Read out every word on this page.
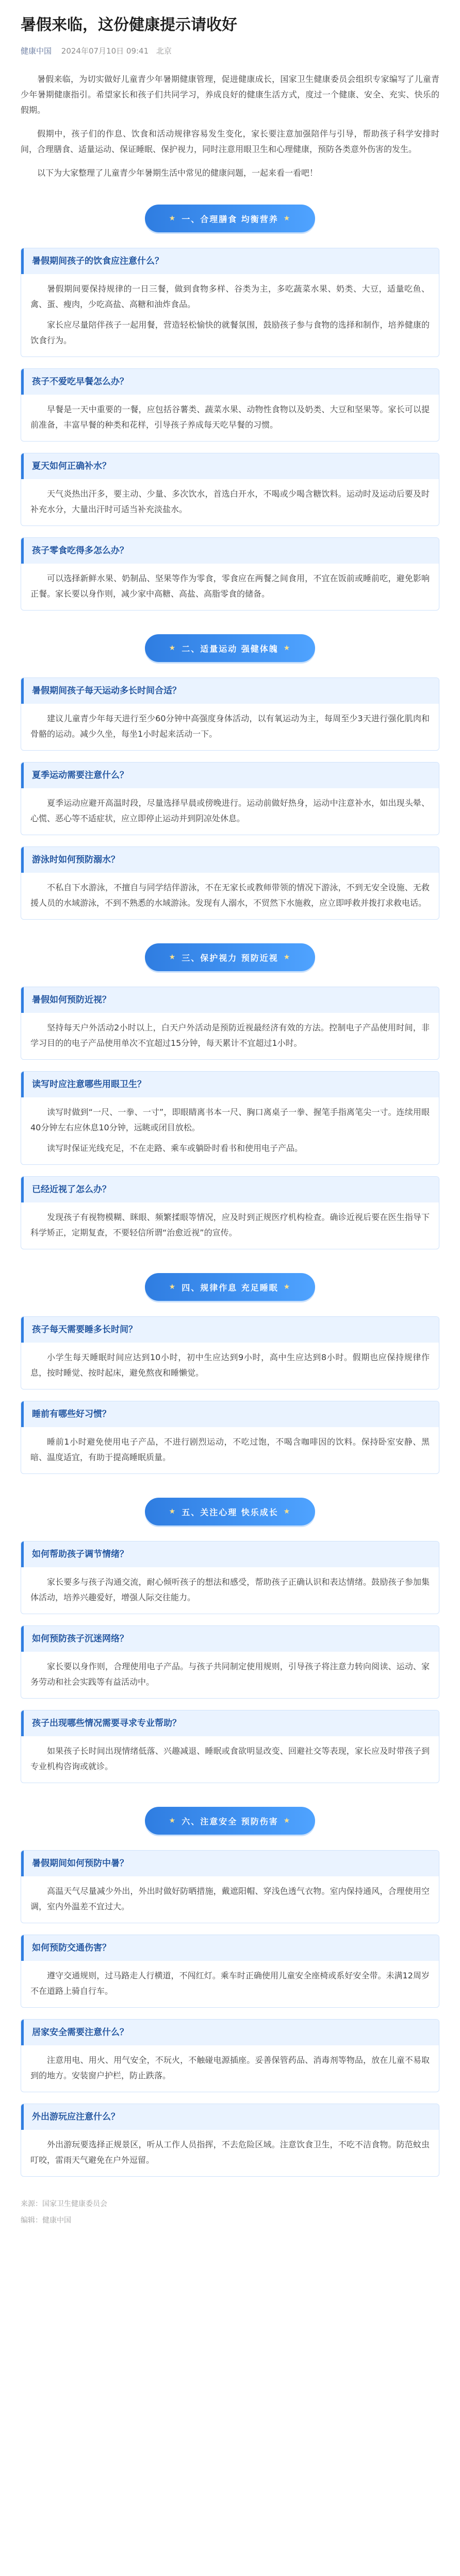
暑假来临，这份健康提示请收好
健康中国 2024年07月10日 09:41 北京

暑假来临，为切实做好儿童青少年暑期健康管理，促进健康成长，国家卫生健康委员会组织专家编写了儿童青少年暑期健康指引。希望家长和孩子们共同学习，养成良好的健康生活方式，度过一个健康、安全、充实、快乐的假期。

假期中，孩子们的作息、饮食和活动规律容易发生变化，家长要注意加强陪伴与引导，帮助孩子科学安排时间，合理膳食、适量运动、保证睡眠、保护视力，同时注意用眼卫生和心理健康，预防各类意外伤害的发生。

以下为大家整理了儿童青少年暑期生活中常见的健康问题，一起来看一看吧！

★ 一、合理膳食 均衡营养 ★
暑假期间孩子的饮食应注意什么？

暑假期间要保持规律的一日三餐，做到食物多样、谷类为主，多吃蔬菜水果、奶类、大豆，适量吃鱼、禽、蛋、瘦肉，少吃高盐、高糖和油炸食品。

家长应尽量陪伴孩子一起用餐，营造轻松愉快的就餐氛围，鼓励孩子参与食物的选择和制作，培养健康的饮食行为。

孩子不爱吃早餐怎么办？

早餐是一天中重要的一餐，应包括谷薯类、蔬菜水果、动物性食物以及奶类、大豆和坚果等。家长可以提前准备，丰富早餐的种类和花样，引导孩子养成每天吃早餐的习惯。

夏天如何正确补水？

天气炎热出汗多，要主动、少量、多次饮水，首选白开水，不喝或少喝含糖饮料。运动时及运动后要及时补充水分，大量出汗时可适当补充淡盐水。

孩子零食吃得多怎么办？

可以选择新鲜水果、奶制品、坚果等作为零食，零食应在两餐之间食用，不宜在饭前或睡前吃，避免影响正餐。家长要以身作则，减少家中高糖、高盐、高脂零食的储备。

★ 二、适量运动 强健体魄 ★
暑假期间孩子每天运动多长时间合适？

建议儿童青少年每天进行至少60分钟中高强度身体活动，以有氧运动为主，每周至少3天进行强化肌肉和骨骼的运动。减少久坐，每坐1小时起来活动一下。

夏季运动需要注意什么？

夏季运动应避开高温时段，尽量选择早晨或傍晚进行。运动前做好热身，运动中注意补水，如出现头晕、心慌、恶心等不适症状，应立即停止运动并到阴凉处休息。

游泳时如何预防溺水？

不私自下水游泳，不擅自与同学结伴游泳，不在无家长或教师带领的情况下游泳，不到无安全设施、无救援人员的水域游泳，不到不熟悉的水域游泳。发现有人溺水，不贸然下水施救，应立即呼救并拨打求救电话。

★ 三、保护视力 预防近视 ★
暑假如何预防近视？

坚持每天户外活动2小时以上，白天户外活动是预防近视最经济有效的方法。控制电子产品使用时间，非学习目的的电子产品使用单次不宜超过15分钟，每天累计不宜超过1小时。

读写时应注意哪些用眼卫生？

读写时做到“一尺、一拳、一寸”，即眼睛离书本一尺、胸口离桌子一拳、握笔手指离笔尖一寸。连续用眼40分钟左右应休息10分钟，远眺或闭目放松。

读写时保证光线充足，不在走路、乘车或躺卧时看书和使用电子产品。

已经近视了怎么办？

发现孩子有视物模糊、眯眼、频繁揉眼等情况，应及时到正规医疗机构检查。确诊近视后要在医生指导下科学矫正，定期复查，不要轻信所谓“治愈近视”的宣传。

★ 四、规律作息 充足睡眠 ★
孩子每天需要睡多长时间？

小学生每天睡眠时间应达到10小时，初中生应达到9小时，高中生应达到8小时。假期也应保持规律作息，按时睡觉、按时起床，避免熬夜和睡懒觉。

睡前有哪些好习惯？

睡前1小时避免使用电子产品，不进行剧烈运动，不吃过饱，不喝含咖啡因的饮料。保持卧室安静、黑暗、温度适宜，有助于提高睡眠质量。

★ 五、关注心理 快乐成长 ★
如何帮助孩子调节情绪？

家长要多与孩子沟通交流，耐心倾听孩子的想法和感受，帮助孩子正确认识和表达情绪。鼓励孩子参加集体活动，培养兴趣爱好，增强人际交往能力。

如何预防孩子沉迷网络？

家长要以身作则，合理使用电子产品。与孩子共同制定使用规则，引导孩子将注意力转向阅读、运动、家务劳动和社会实践等有益活动中。

孩子出现哪些情况需要寻求专业帮助？

如果孩子长时间出现情绪低落、兴趣减退、睡眠或食欲明显改变、回避社交等表现，家长应及时带孩子到专业机构咨询或就诊。

★ 六、注意安全 预防伤害 ★
暑假期间如何预防中暑？

高温天气尽量减少外出，外出时做好防晒措施，戴遮阳帽、穿浅色透气衣物。室内保持通风，合理使用空调，室内外温差不宜过大。

如何预防交通伤害？

遵守交通规则，过马路走人行横道，不闯红灯。乘车时正确使用儿童安全座椅或系好安全带。未满12周岁不在道路上骑自行车。

居家安全需要注意什么？

注意用电、用火、用气安全，不玩火，不触碰电源插座。妥善保管药品、消毒剂等物品，放在儿童不易取到的地方。安装窗户护栏，防止跌落。

外出游玩应注意什么？

外出游玩要选择正规景区，听从工作人员指挥，不去危险区域。注意饮食卫生，不吃不洁食物。防范蚊虫叮咬，雷雨天气避免在户外逗留。

来源：国家卫生健康委员会
编辑：健康中国
